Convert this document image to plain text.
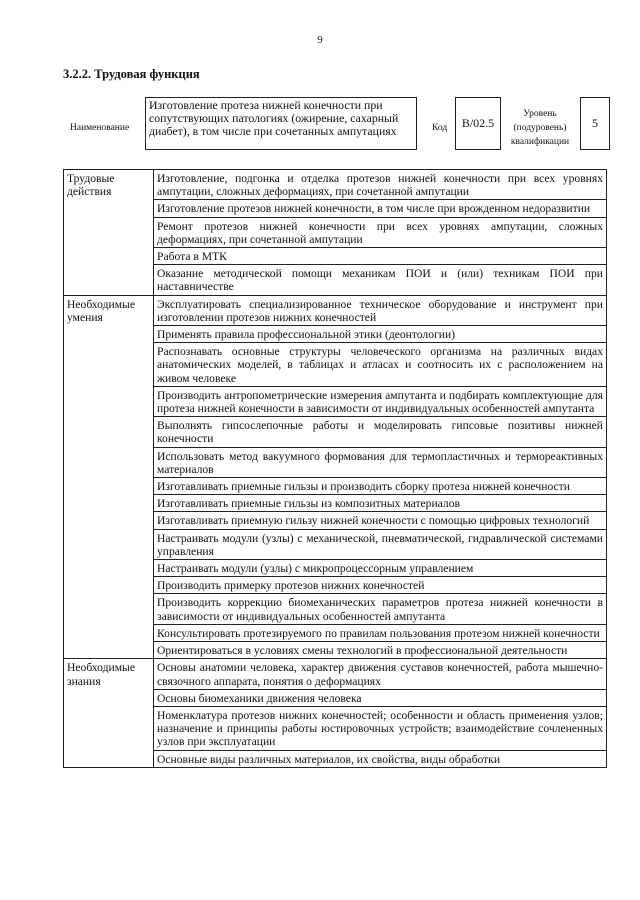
9
3.2.2. Трудовая функция
Наименование
Изготовление протеза нижней конечности при сопутствующих патологиях (ожирение, сахарный диабет), в том числе при сочетанных ампутациях	Код	B/02.5
Уровень (подуровень) квалификации
5
Трудовые действия	Изготовление, подгонка и отделка протезов нижней конечности при всех уровнях ампутации, сложных деформациях, при сочетанной ампутации
	Изготовление протезов нижней конечности, в том числе при врожденном недоразвитии
	Ремонт протезов нижней конечности при всех уровнях ампутации, сложных деформациях, при сочетанной ампутации
	Работа в МТК
	Оказание методической помощи механикам ПОИ и (или) техникам ПОИ при наставничестве
Необходимые умения	Эксплуатировать специализированное техническое оборудование и инструмент при изготовлении протезов нижних конечностей
	Применять правила профессиональной этики (деонтологии)
	Распознавать основные структуры человеческого организма на различных видах анатомических моделей, в таблицах и атласах и соотносить их с расположением на живом человеке
	Производить антропометрические измерения ампутанта и подбирать комплектующие для протеза нижней конечности в зависимости от индивидуальных особенностей ампутанта
	Выполнять гипсослепочные работы и моделировать гипсовые позитивы нижней конечности
	Использовать метод вакуумного формования для термопластичных и термореактивных материалов
	Изготавливать приемные гильзы и производить сборку протеза нижней конечности
	Изготавливать приемные гильзы из композитных материалов
	Изготавливать приемную гильзу нижней конечности с помощью цифровых технологий
	Настраивать модули (узлы) с механической, пневматической, гидравлической системами управления
	Настраивать модули (узлы) с микропроцессорным управлением
	Производить примерку протезов нижних конечностей
	Производить коррекцию биомеханических параметров протеза нижней конечности в зависимости от индивидуальных особенностей ампутанта
	Консультировать протезируемого по правилам пользования протезом нижней конечности
	Ориентироваться в условиях смены технологий в профессиональной деятельности
Необходимые знания	Основы анатомии человека, характер движения суставов конечностей, работа мышечно-связочного аппарата, понятия о деформациях
	Основы биомеханики движения человека
	Номенклатура протезов нижних конечностей; особенности и область применения узлов; назначение и принципы работы юстировочных устройств; взаимодействие сочлененных узлов при эксплуатации
	Основные виды различных материалов, их свойства, виды обработки
